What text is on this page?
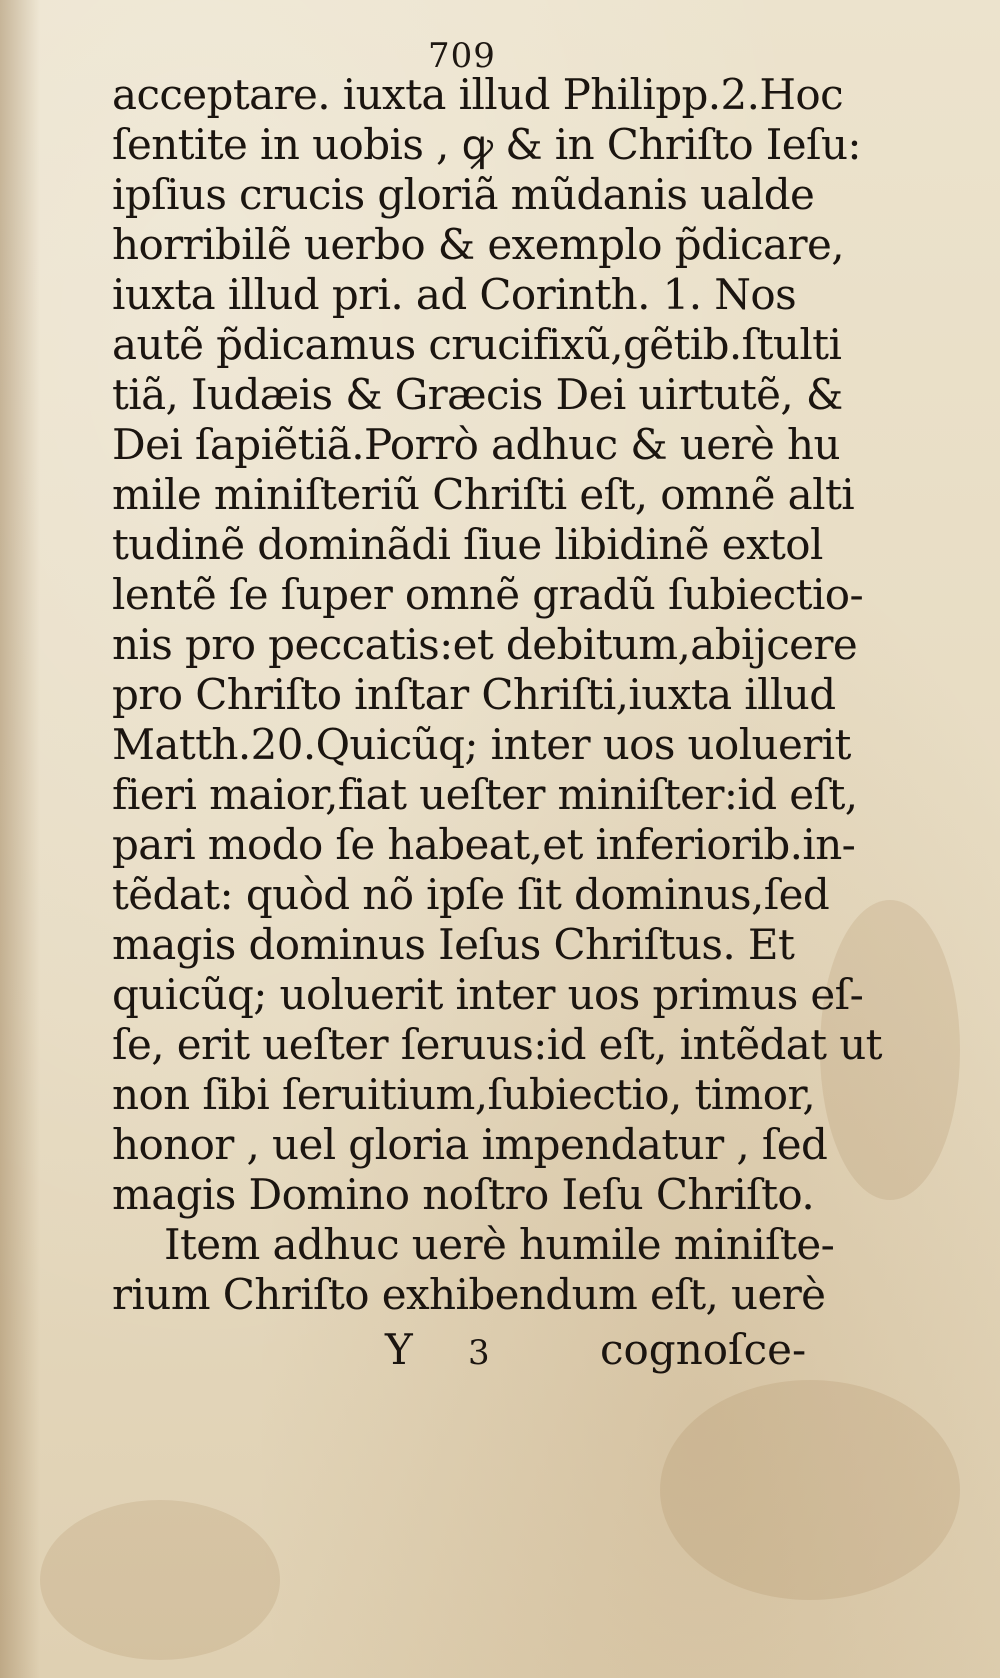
709
acceptare. iuxta illud Philipp.2.Hoc
ſentite in uobis , ꝙ & in Chriſto Ieſu:
ipſius crucis gloriã mũdanis ualde
horribilẽ uerbo & exemplo p̃dicare,
iuxta illud pri. ad Corinth. 1. Nos
autẽ p̃dicamus crucifixũ,gẽtib.ſtulti
tiã, Iudæis & Græcis Dei uirtutẽ, &
Dei ſapiẽtiã.Porrò adhuc & uerè hu
mile miniſteriũ Chriſti eſt, omnẽ alti
tudinẽ dominãdi ſiue libidinẽ extol
lentẽ ſe ſuper omnẽ gradũ ſubiectio-
nis pro peccatis:et debitum,abijcere
pro Chriſto inſtar Chriſti,iuxta illud
Matth.20.Quicũq; inter uos uoluerit
fieri maior,fiat ueſter miniſter:id eſt,
pari modo ſe habeat,et inferiorib.in-
tẽdat: quòd nõ ipſe ſit dominus,ſed
magis dominus Ieſus Chriſtus. Et
quicũq; uoluerit inter uos primus eſ-
ſe, erit ueſter ſeruus:id eſt, intẽdat ut
non ſibi ſeruitium,ſubiectio, timor,
honor , uel gloria impendatur , ſed
magis Domino noſtro Ieſu Chriſto.
Item adhuc uerè humile miniſte-
rium Chriſto exhibendum eſt, uerè
Y 3	cognoſce-
